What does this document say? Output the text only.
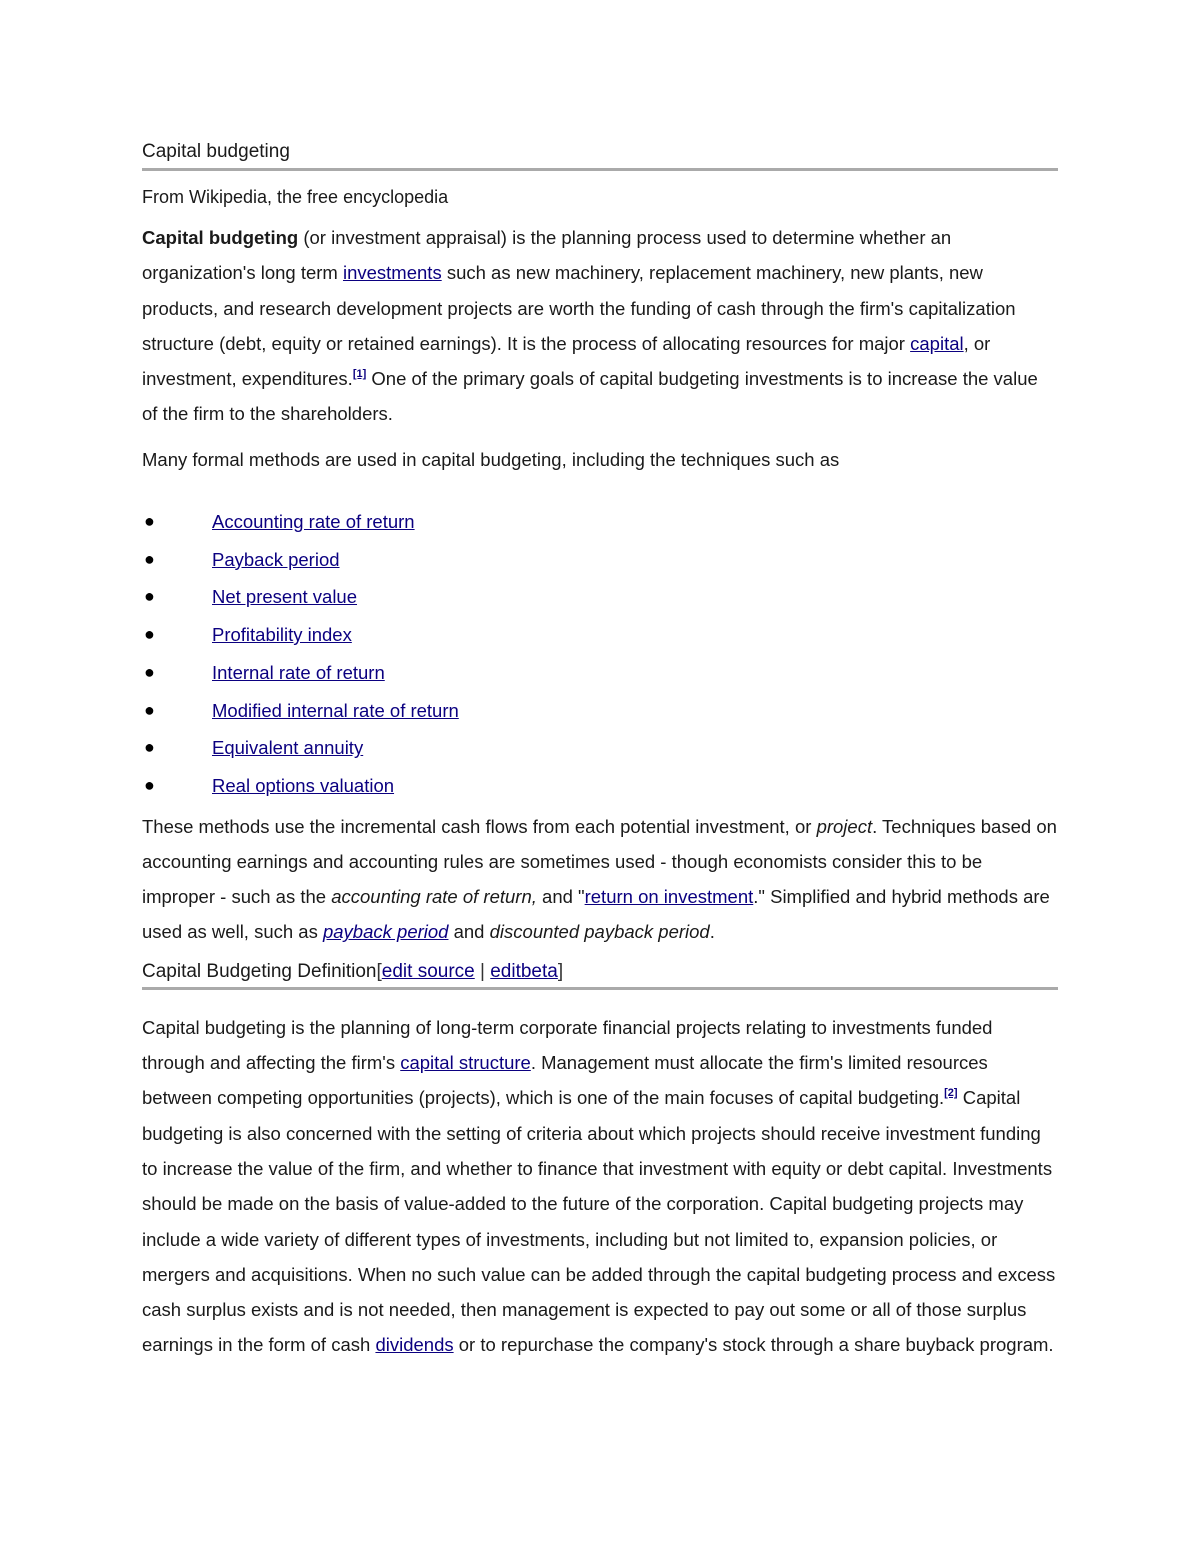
Capital budgeting
From Wikipedia, the free encyclopedia

Capital budgeting (or investment appraisal) is the planning process used to determine whether an organization's long term investments such as new machinery, replacement machinery, new plants, new products, and research development projects are worth the funding of cash through the firm's capitalization structure (debt, equity or retained earnings). It is the process of allocating resources for major capital, or investment, expenditures.[1] One of the primary goals of capital budgeting investments is to increase the value of the firm to the shareholders.

Many formal methods are used in capital budgeting, including the techniques such as

●	Accounting rate of return
●	Payback period
●	Net present value
●	Profitability index
●	Internal rate of return
●	Modified internal rate of return
●	Equivalent annuity
●	Real options valuation

These methods use the incremental cash flows from each potential investment, or project. Techniques based on accounting earnings and accounting rules are sometimes used - though economists consider this to be improper - such as the accounting rate of return, and "return on investment." Simplified and hybrid methods are used as well, such as payback period and discounted payback period.

Capital Budgeting Definition[edit source | editbeta]

Capital budgeting is the planning of long-term corporate financial projects relating to investments funded through and affecting the firm's capital structure. Management must allocate the firm's limited resources between competing opportunities (projects), which is one of the main focuses of capital budgeting.[2] Capital budgeting is also concerned with the setting of criteria about which projects should receive investment funding to increase the value of the firm, and whether to finance that investment with equity or debt capital. Investments should be made on the basis of value-added to the future of the corporation. Capital budgeting projects may include a wide variety of different types of investments, including but not limited to, expansion policies, or mergers and acquisitions. When no such value can be added through the capital budgeting process and excess cash surplus exists and is not needed, then management is expected to pay out some or all of those surplus earnings in the form of cash dividends or to repurchase the company's stock through a share buyback program.
